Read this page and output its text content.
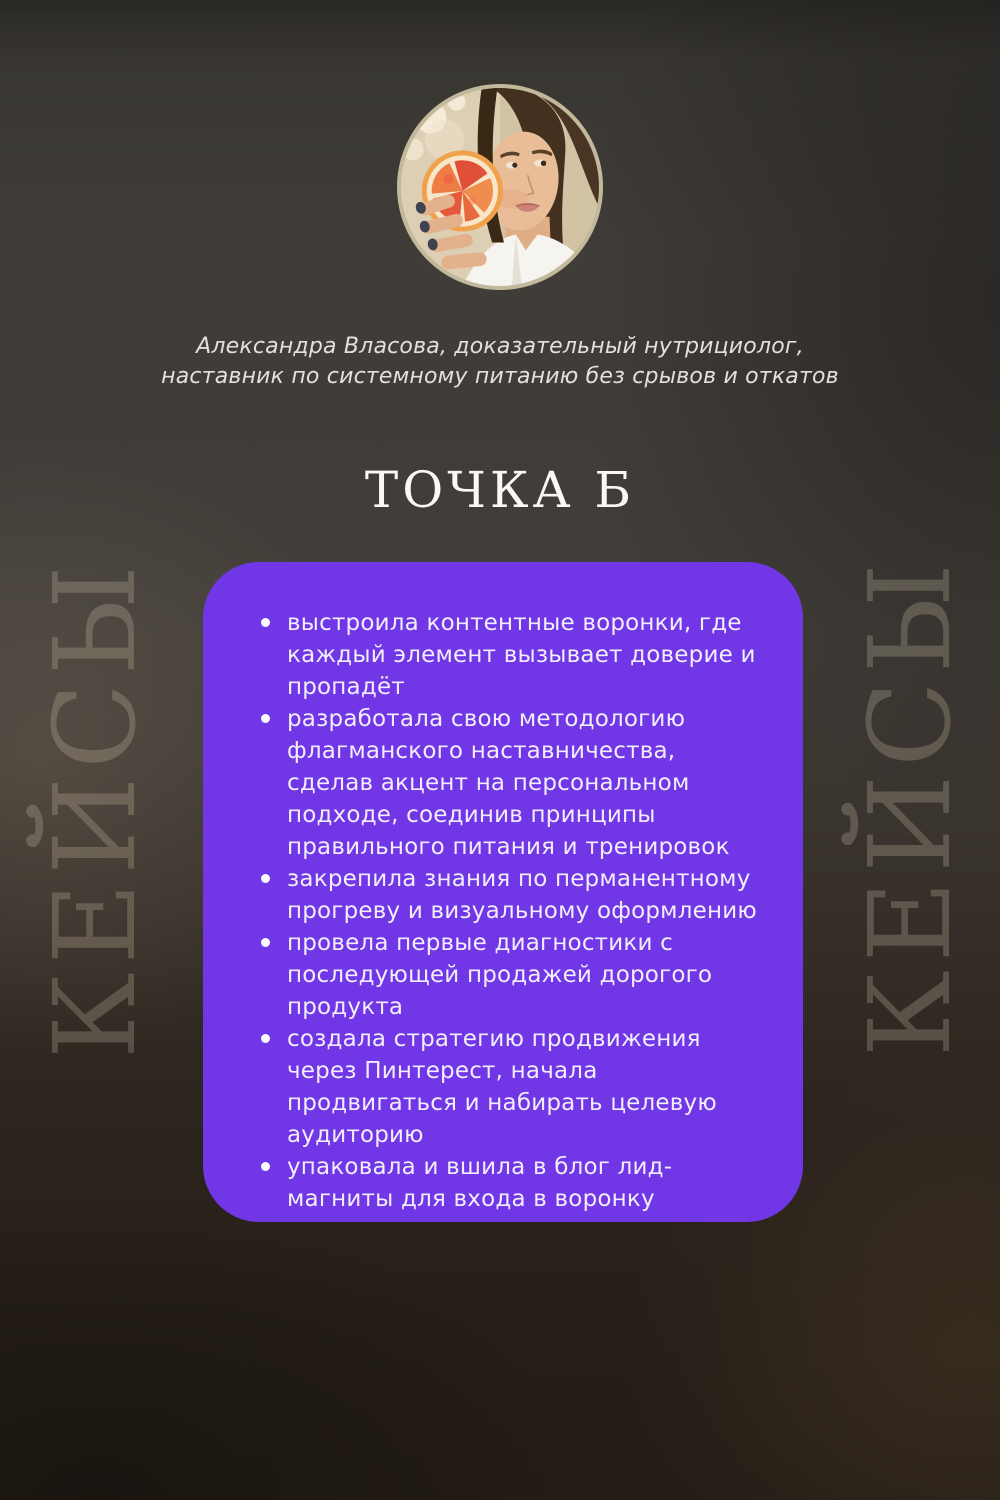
Александра Власова, доказательный нутрициолог,
наставник по системному питанию без срывов и откатов
ТОЧКА Б
КЕЙСЫ	КЕЙСЫ
выстроила контентные воронки, где каждый элемент вызывает доверие и пропадёт
разработала свою методологию флагманского наставничества, сделав акцент на персональном подходе, соединив принципы правильного питания и тренировок
закрепила знания по перманентному прогреву и визуальному оформлению
провела первые диагностики с последующей продажей дорогого продукта
создала стратегию продвижения через Пинтерест, начала продвигаться и набирать целевую аудиторию
упаковала и вшила в блог лид-магниты для входа в воронку
